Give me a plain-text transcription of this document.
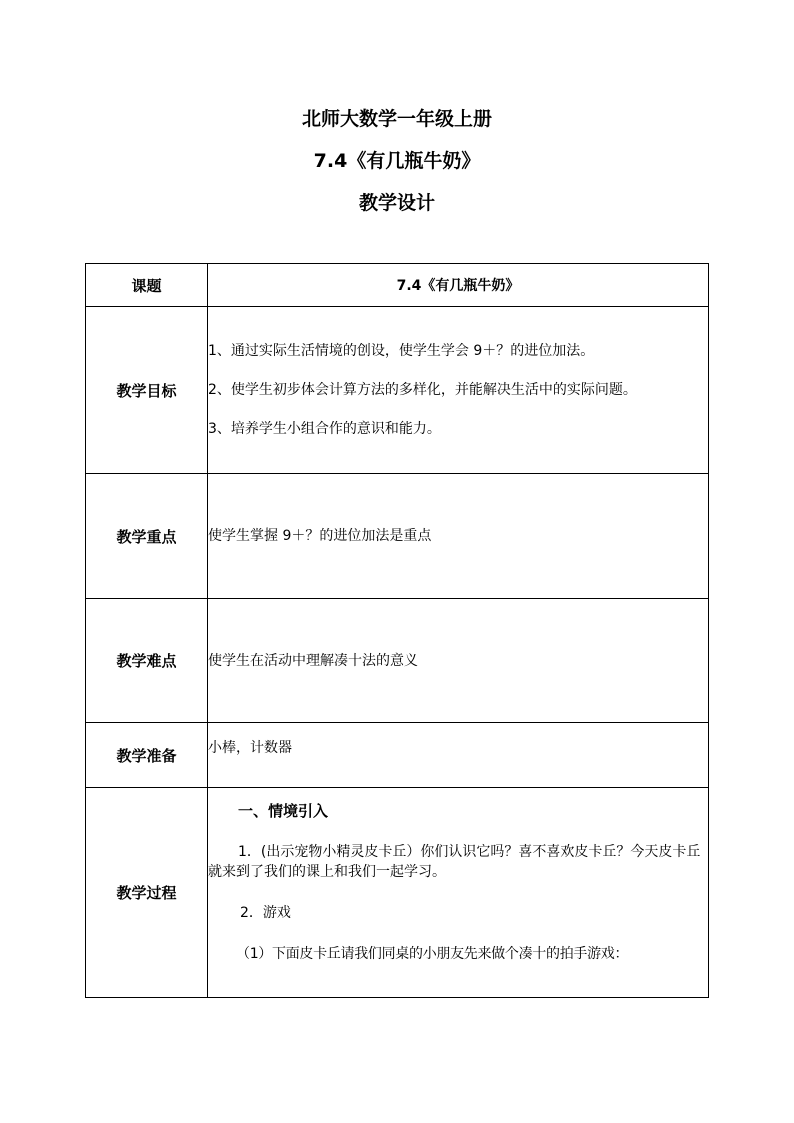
北师大数学一年级上册
7.4《有几瓶牛奶》
教学设计
课题	7.4《有几瓶牛奶》
教学目标	1、通过实际生活情境的创设，使学生学会 9＋？的进位加法。
2、使学生初步体会计算方法的多样化，并能解决生活中的实际问题。
3、培养学生小组合作的意识和能力。

教学重点	使学生掌握 9＋？的进位加法是重点
教学难点	使学生在活动中理解凑十法的意义
教学准备	小棒，计数器
教学过程	一、情境引入
1．(出示宠物小精灵皮卡丘）你们认识它吗？喜不喜欢皮卡丘？今天皮卡丘就来到了我们的课上和我们一起学习。
2．游戏
（1）下面皮卡丘请我们同桌的小朋友先来做个凑十的拍手游戏：
